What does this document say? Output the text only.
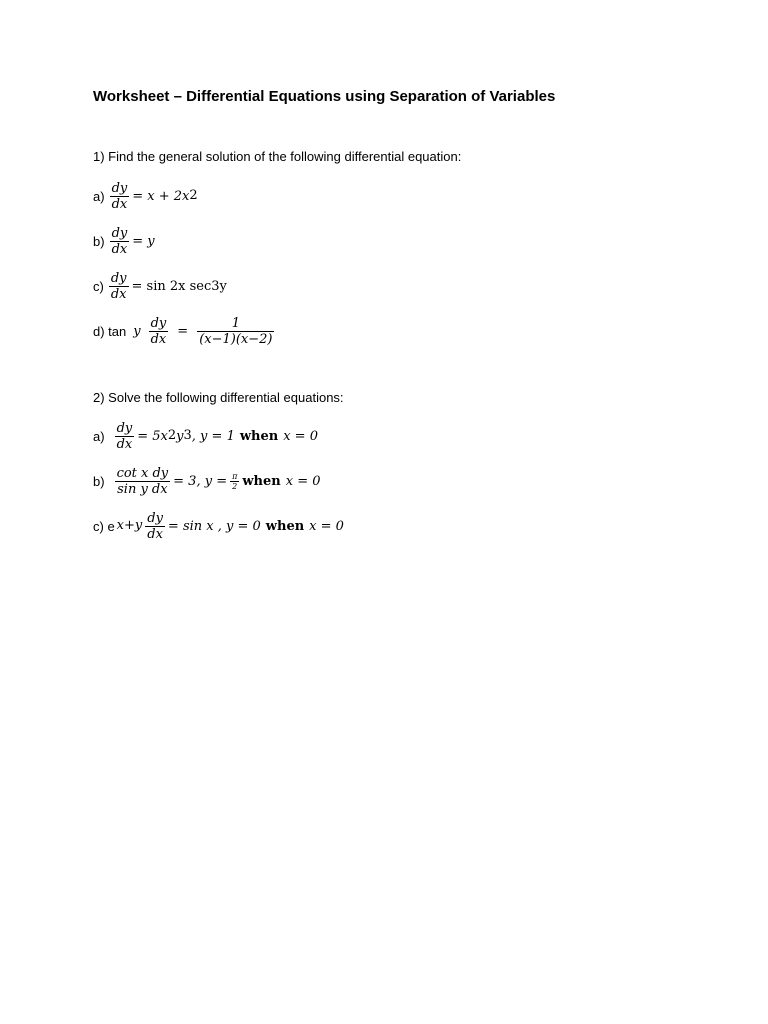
Worksheet – Differential Equations using Separation of Variables
1) Find the general solution of the following differential equation:
$a) \frac{dy}{dx} = x + 2x$ 2
$b) \frac{dy}{dx} = y$
$c) \frac{dy}{dx} = \sin 2x$ sec3y
d) tan y $\frac{dy}{dx} = \frac{1}{(x-1)(x-2)}$
2) Solve the following differential equations:
$a) \frac{dy}{dx} = 5x$ 2 y 3 , y = 1 when x = 0
$b) \frac{\text{cot x dy}}{\text{sin y dx}} = 3$, $y = \frac{\pi}{2}$ when x = 0
c) e $x+y \frac{dy}{dx} = \sin x$ , y = 0 when x = 0
